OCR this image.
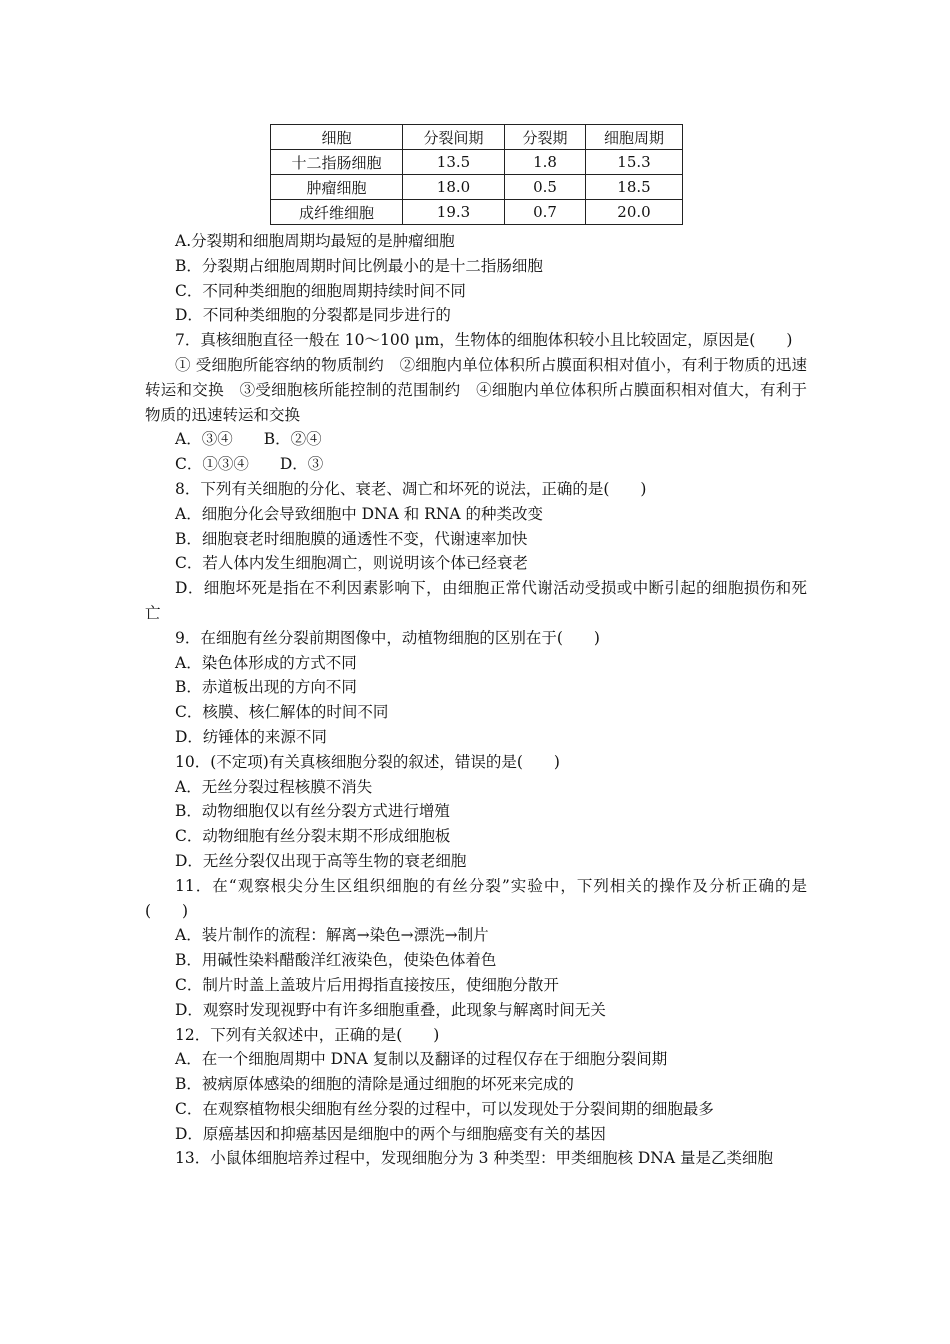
细胞	分裂间期	分裂期	细胞周期
十二指肠细胞	13.5	1.8	15.3
肿瘤细胞	18.0	0.5	18.5
成纤维细胞	19.3	0.7	20.0

A.分裂期和细胞周期均最短的是肿瘤细胞

B．分裂期占细胞周期时间比例最小的是十二指肠细胞

C．不同种类细胞的细胞周期持续时间不同

D．不同种类细胞的分裂都是同步进行的

7．真核细胞直径一般在 10～100 μm，生物体的细胞体积较小且比较固定，原因是(　　)

① 受细胞所能容纳的物质制约　②细胞内单位体积所占膜面积相对值小，有利于物质的迅速转运和交换　③受细胞核所能控制的范围制约　④细胞内单位体积所占膜面积相对值大，有利于物质的迅速转运和交换

A．③④　　B．②④

C．①③④　　D．③

8．下列有关细胞的分化、衰老、凋亡和坏死的说法，正确的是(　　)

A．细胞分化会导致细胞中 DNA 和 RNA 的种类改变

B．细胞衰老时细胞膜的通透性不变，代谢速率加快

C．若人体内发生细胞凋亡，则说明该个体已经衰老

D．细胞坏死是指在不利因素影响下，由细胞正常代谢活动受损或中断引起的细胞损伤和死亡

9．在细胞有丝分裂前期图像中，动植物细胞的区别在于(　　)

A．染色体形成的方式不同

B．赤道板出现的方向不同

C．核膜、核仁解体的时间不同

D．纺锤体的来源不同

10．(不定项)有关真核细胞分裂的叙述，错误的是(　　)

A．无丝分裂过程核膜不消失

B．动物细胞仅以有丝分裂方式进行增殖

C．动物细胞有丝分裂末期不形成细胞板

D．无丝分裂仅出现于高等生物的衰老细胞

11．在“观察根尖分生区组织细胞的有丝分裂”实验中，下列相关的操作及分析正确的是(　　)

A．装片制作的流程：解离→染色→漂洗→制片

B．用碱性染料醋酸洋红液染色，使染色体着色

C．制片时盖上盖玻片后用拇指直接按压，使细胞分散开

D．观察时发现视野中有许多细胞重叠，此现象与解离时间无关

12．下列有关叙述中，正确的是(　　)

A．在一个细胞周期中 DNA 复制以及翻译的过程仅存在于细胞分裂间期

B．被病原体感染的细胞的清除是通过细胞的坏死来完成的

C．在观察植物根尖细胞有丝分裂的过程中，可以发现处于分裂间期的细胞最多

D．原癌基因和抑癌基因是细胞中的两个与细胞癌变有关的基因

13．小鼠体细胞培养过程中，发现细胞分为 3 种类型：甲类细胞核 DNA 量是乙类细胞
